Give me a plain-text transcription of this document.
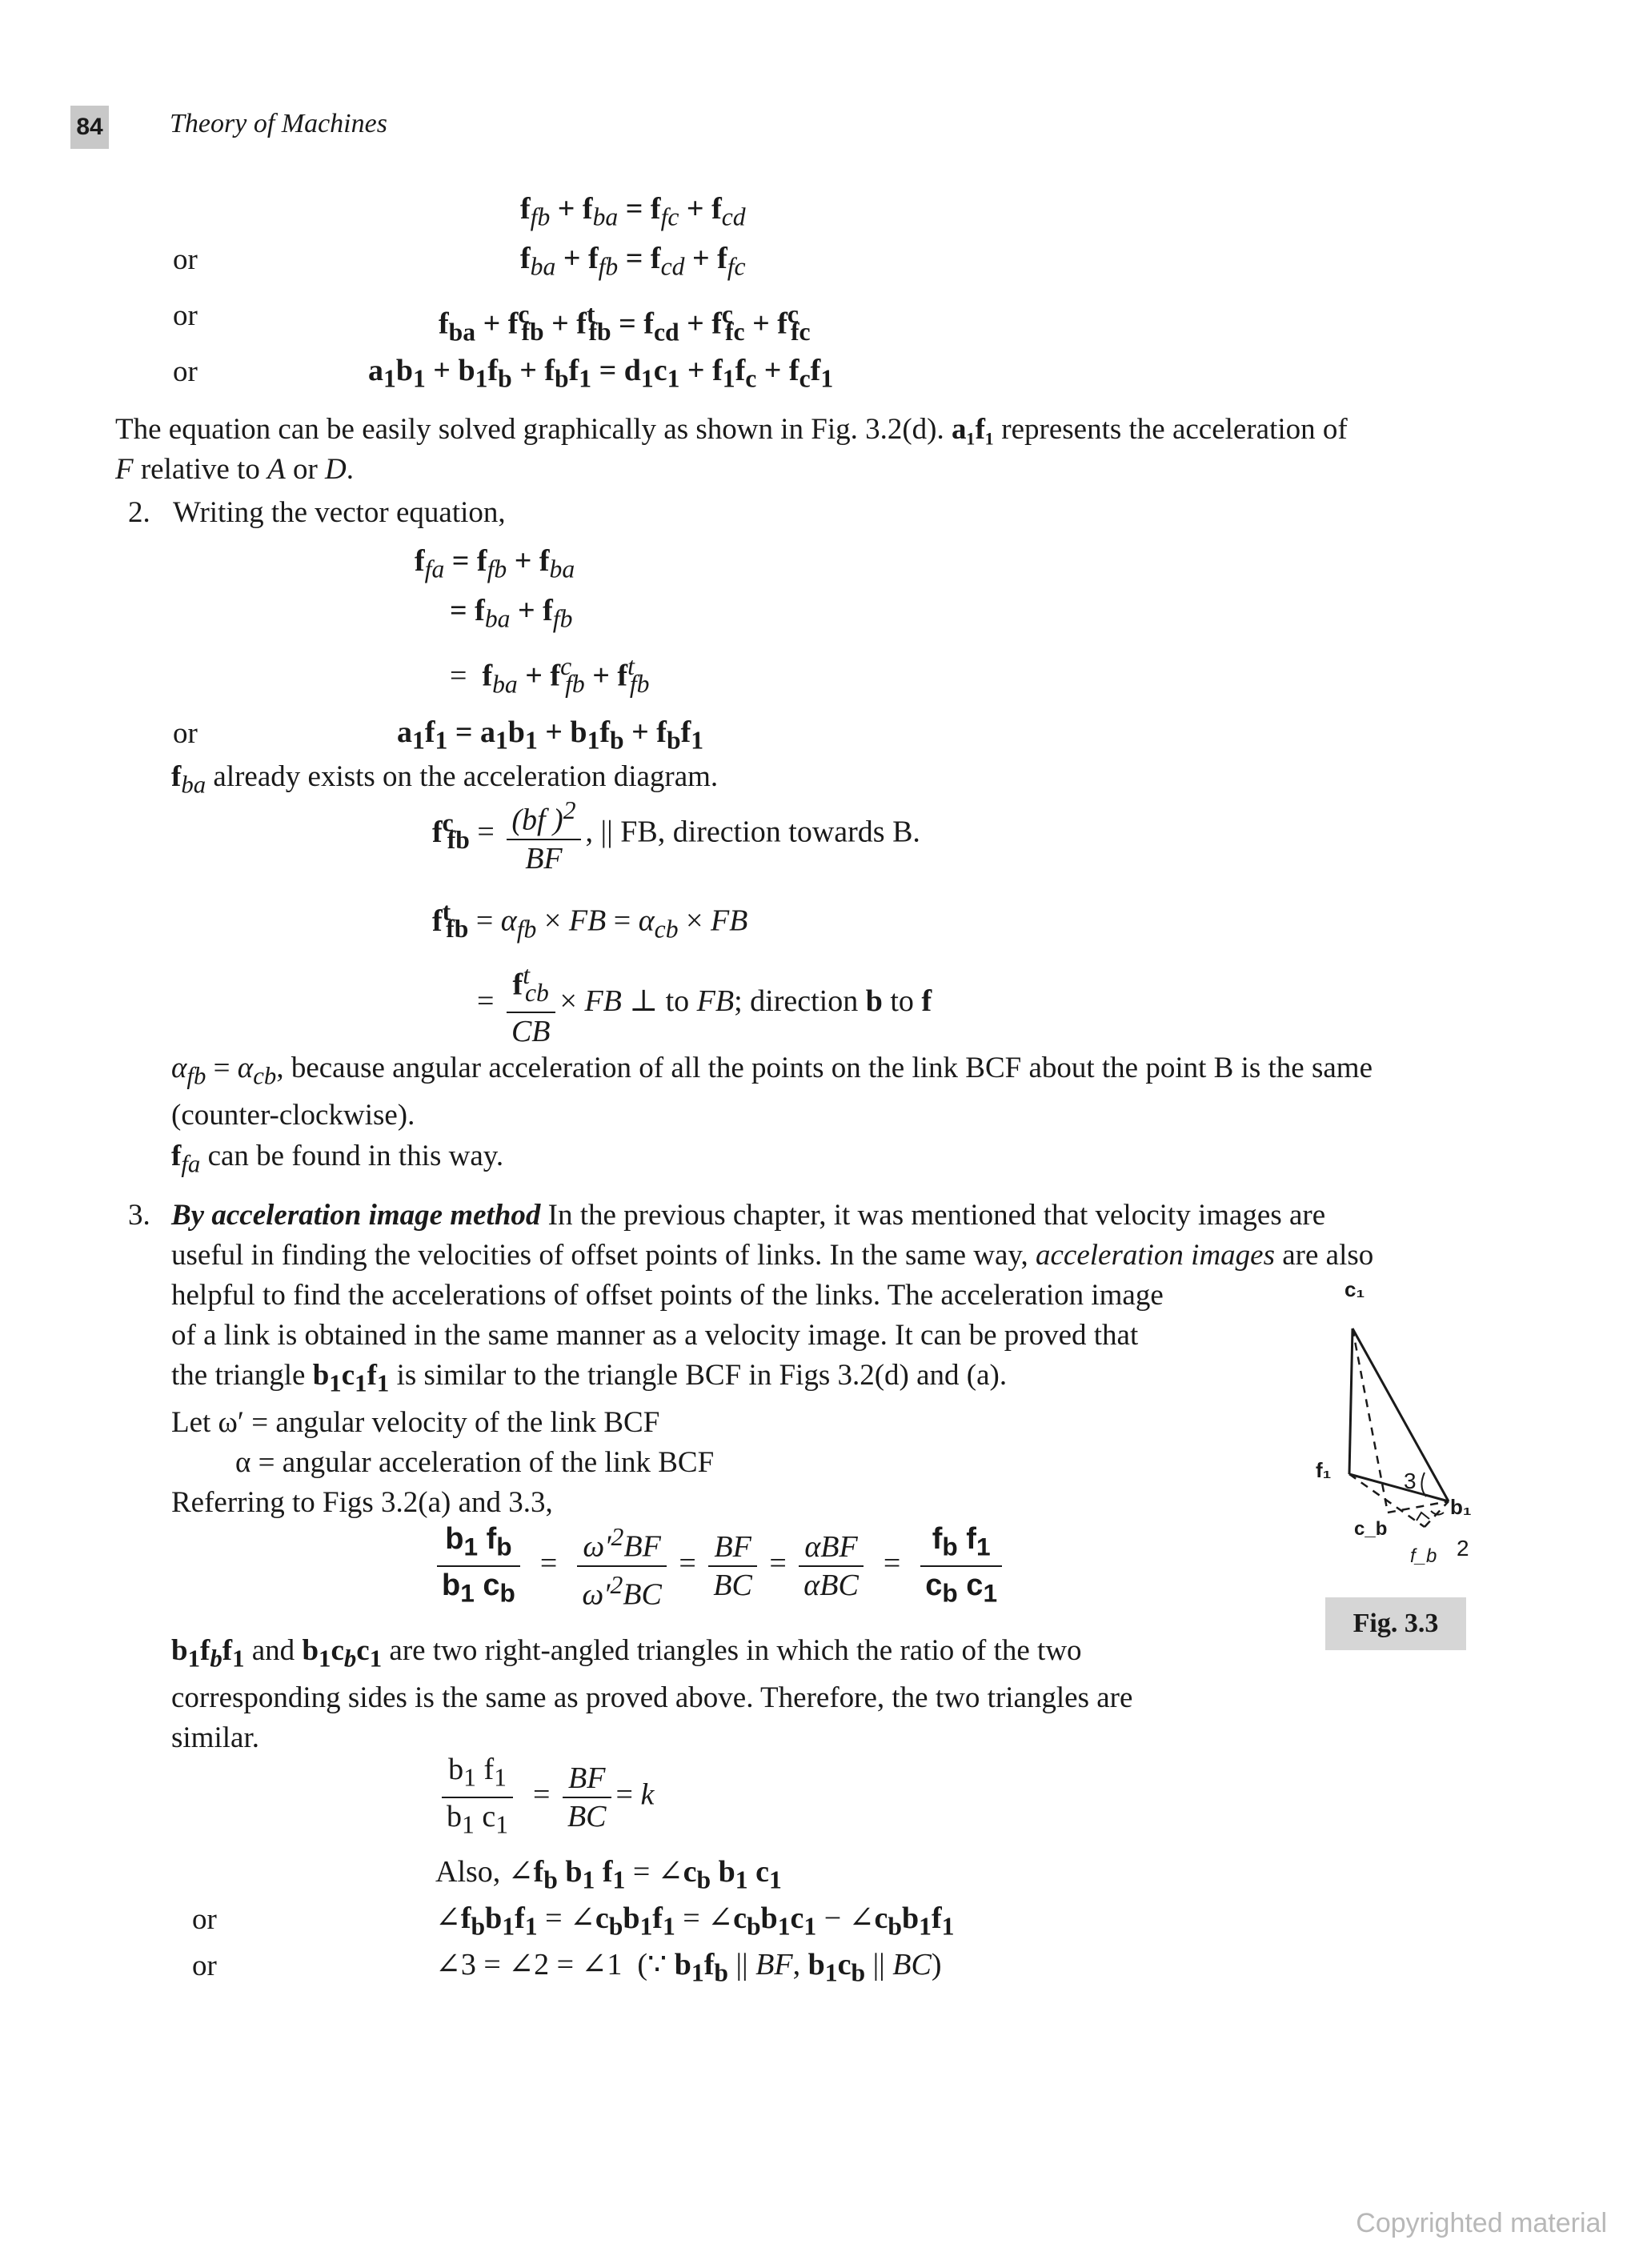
84 Theory of Machines
$f_{fb} + f_{ba} = f_{fc} + f_{cd}$
or	$f_{ba} + f_{fb} = f_{cd} + f_{fc}$
or	$f_{ba} + f^c_{fb} + f^t_{fb} = f_{cd} + f^c_{fc} + f^c_{fc}$
or	$a_1b_1 + b_1f_b + f_bf_1 = d_1c_1 + f_1f_c + f_cf_1$
The equation can be easily solved graphically as shown in Fig. 3.2(d). a₁f₁ represents the acceleration of
F relative to A or D.
2. Writing the vector equation,
$f_{fa} = f_{fb} + f_{ba}$
= $f_{ba} + f_{fb}$
=  $f_{ba} + f^c_{fb} + f^t_{fb}$
or	$a_1f_1 = a_1b_1 + b_1f_b + f_bf_1$
$f_{ba}$ already exists on the acceleration diagram.
$f^c_{fb} = \frac{(bf )^2}{BF}$ , || FB, direction towards B.
$f^t_{fb} = \alpha_{fb}$ × FB = $\alpha_{cb}$ × FB
= $\frac{f^t_{cb}}{CB}$ × FB ⊥ to FB; direction b to f
$\alpha_{fb} = \alpha_{cb}$, because angular acceleration of all the points on the link BCF about the point B is the same
(counter-clockwise).
$f_{fa}$ can be found in this way.
3. By acceleration image method In the previous chapter, it was mentioned that velocity images are
useful in finding the velocities of offset points of links. In the same way, acceleration images are also
helpful to find the accelerations of offset points of the links. The acceleration image
of a link is obtained in the same manner as a velocity image. It can be proved that
the triangle $b_1c_1f_1$ is similar to the triangle BCF in Figs 3.2(d) and (a).
Let ω′ = angular velocity of the link BCF
α = angular acceleration of the link BCF
Referring to Figs 3.2(a) and 3.3,
$\frac{b_1 f_b}{b_1 c_b} = \frac{\omega'^2BF}{\omega'^2BC} = \frac{BF}{BC} = \frac{\text{αBF}}{\text{αBC}} = \frac{f_b f_1}{c_b c_1}$
$b_1f_bf_1$ and $b_1c_bc_1$ are two right-angled triangles in which the ratio of the two
corresponding sides is the same as proved above. Therefore, the two triangles are
similar.
$\frac{b_1 f_1}{b_1 c_1} = \frac{BF}{BC} = k$
Also, $\angle f_b$ $b_1$ $f_1$ = $\angle c_b$ $b_1$ $c_1$
or	$\angle f_bb_1f_1$ = $\angle c_bb_1f_1$ = $\angle c_bb_1c_1$ − $\angle c_bb_1f_1$
or	∠3 = ∠2 = ∠1  (∵ $b_1f_b$ || BF, $b_1c_b$ || BC)
c₁
f₁
b₁
c_b
f_b
3
2
Fig. 3.3
Copyrighted material
